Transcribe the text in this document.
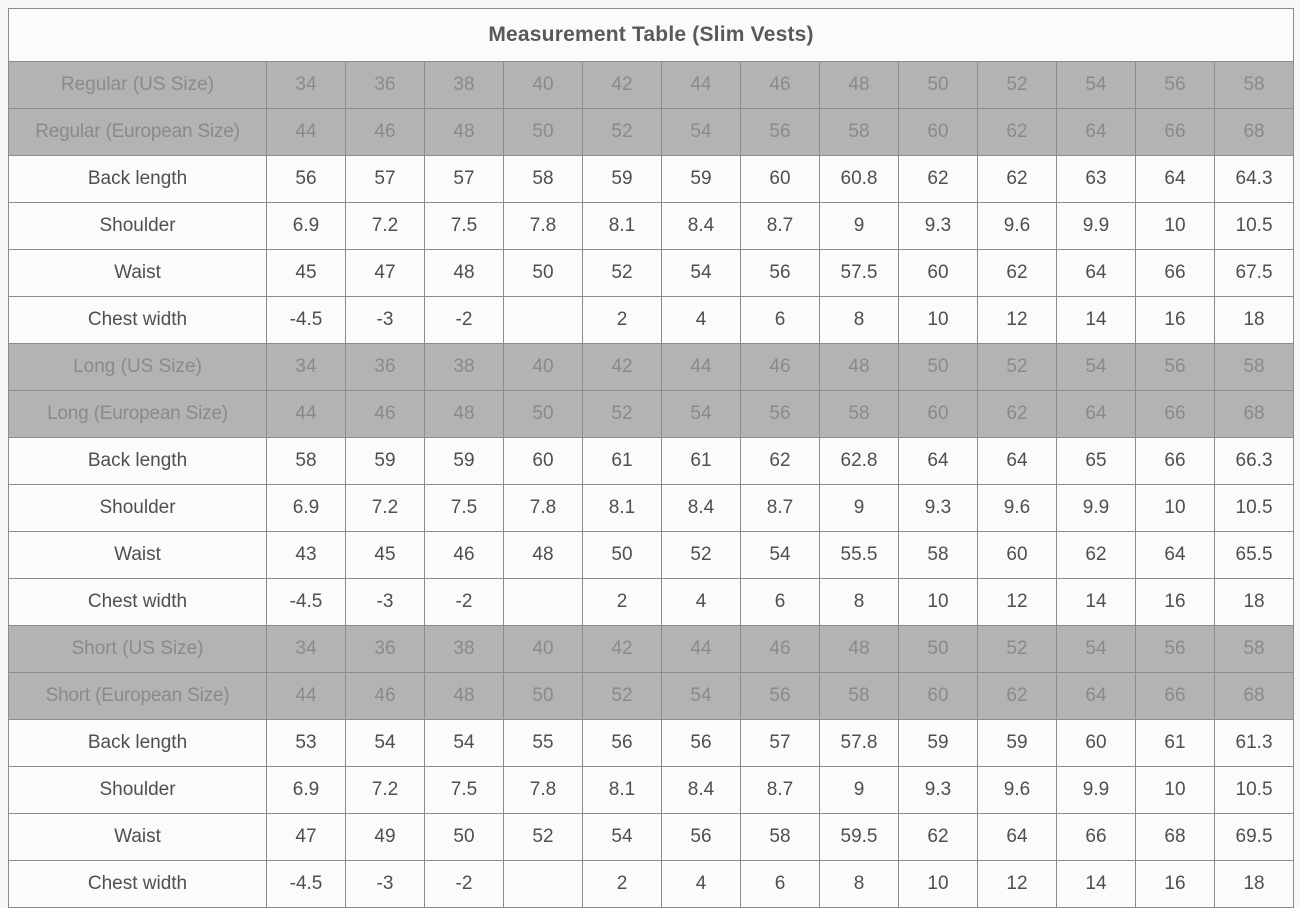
Measurement Table (Slim Vests)													
Regular (US Size)	34	36	38	40	42	44	46	48	50	52	54	56	58
Regular (European Size)	44	46	48	50	52	54	56	58	60	62	64	66	68
Back length	56	57	57	58	59	59	60	60.8	62	62	63	64	64.3
Shoulder	6.9	7.2	7.5	7.8	8.1	8.4	8.7	9	9.3	9.6	9.9	10	10.5
Waist	45	47	48	50	52	54	56	57.5	60	62	64	66	67.5
Chest width	-4.5	-3	-2		2	4	6	8	10	12	14	16	18
Long (US Size)	34	36	38	40	42	44	46	48	50	52	54	56	58
Long (European Size)	44	46	48	50	52	54	56	58	60	62	64	66	68
Back length	58	59	59	60	61	61	62	62.8	64	64	65	66	66.3
Shoulder	6.9	7.2	7.5	7.8	8.1	8.4	8.7	9	9.3	9.6	9.9	10	10.5
Waist	43	45	46	48	50	52	54	55.5	58	60	62	64	65.5
Chest width	-4.5	-3	-2		2	4	6	8	10	12	14	16	18
Short (US Size)	34	36	38	40	42	44	46	48	50	52	54	56	58
Short (European Size)	44	46	48	50	52	54	56	58	60	62	64	66	68
Back length	53	54	54	55	56	56	57	57.8	59	59	60	61	61.3
Shoulder	6.9	7.2	7.5	7.8	8.1	8.4	8.7	9	9.3	9.6	9.9	10	10.5
Waist	47	49	50	52	54	56	58	59.5	62	64	66	68	69.5
Chest width	-4.5	-3	-2		2	4	6	8	10	12	14	16	18
